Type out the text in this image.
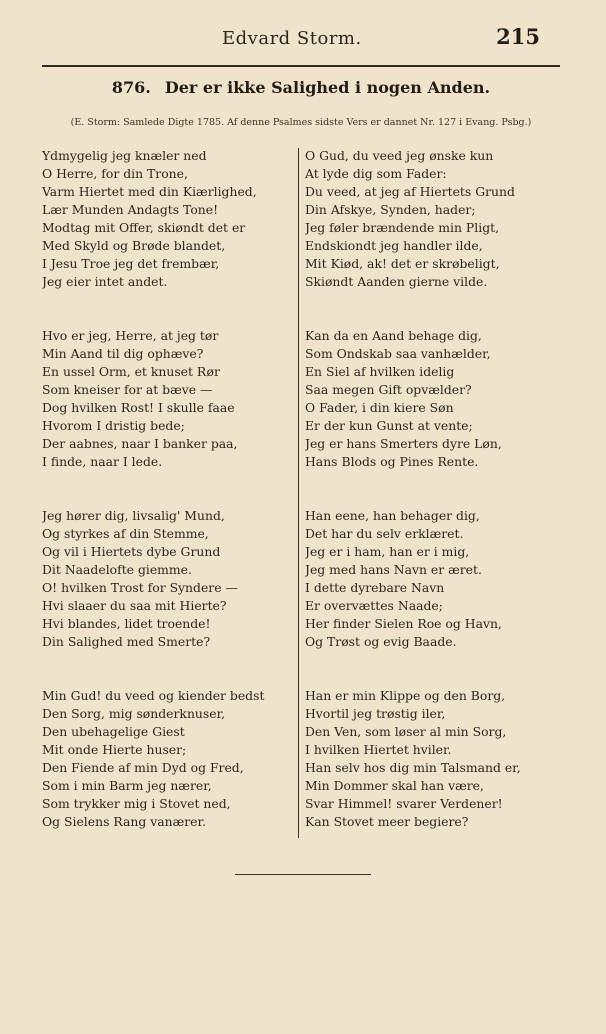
Edvard Storm.	215
876. Der er ikke Salighed i nogen Anden.
(E. Storm: Samlede Digte 1785. Af denne Psalmes sidste Vers er dannet Nr. 127 i Evang. Psbg.)
Ydmygelig jeg knæler ned
O Herre, for din Trone,
Varm Hiertet med din Kiærlighed,
Lær Munden Andagts Tone!
Modtag mit Offer, skiøndt det er
Med Skyld og Brøde blandet,
I Jesu Troe jeg det frembær,
Jeg eier intet andet.
Hvo er jeg, Herre, at jeg tør
Min Aand til dig ophæve?
En ussel Orm, et knuset Rør
Som kneiser for at bæve —
Dog hvilken Rost! I skulle faae
Hvorom I dristig bede;
Der aabnes, naar I banker paa,
I finde, naar I lede.
Jeg hører dig, livsalig' Mund,
Og styrkes af din Stemme,
Og vil i Hiertets dybe Grund
Dit Naadelofte giemme.
O! hvilken Trost for Syndere —
Hvi slaaer du saa mit Hierte?
Hvi blandes, lidet troende!
Din Salighed med Smerte?
Min Gud! du veed og kiender bedst
Den Sorg, mig sønderknuser,
Den ubehagelige Giest
Mit onde Hierte huser;
Den Fiende af min Dyd og Fred,
Som i min Barm jeg nærer,
Som trykker mig i Stovet ned,
Og Sielens Rang vanærer.
O Gud, du veed jeg ønske kun
At lyde dig som Fader:
Du veed, at jeg af Hiertets Grund
Din Afskye, Synden, hader;
Jeg føler brændende min Pligt,
Endskiondt jeg handler ilde,
Mit Kiød, ak! det er skrøbeligt,
Skiøndt Aanden gierne vilde.
Kan da en Aand behage dig,
Som Ondskab saa vanhælder,
En Siel af hvilken idelig
Saa megen Gift opvælder?
O Fader, i din kiere Søn
Er der kun Gunst at vente;
Jeg er hans Smerters dyre Løn,
Hans Blods og Pines Rente.
Han eene, han behager dig,
Det har du selv erklæret.
Jeg er i ham, han er i mig,
Jeg med hans Navn er æret.
I dette dyrebare Navn
Er overvættes Naade;
Her finder Sielen Roe og Havn,
Og Trøst og evig Baade.
Han er min Klippe og den Borg,
Hvortil jeg trøstig iler,
Den Ven, som løser al min Sorg,
I hvilken Hiertet hviler.
Han selv hos dig min Talsmand er,
Min Dommer skal han være,
Svar Himmel! svarer Verdener!
Kan Stovet meer begiere?
